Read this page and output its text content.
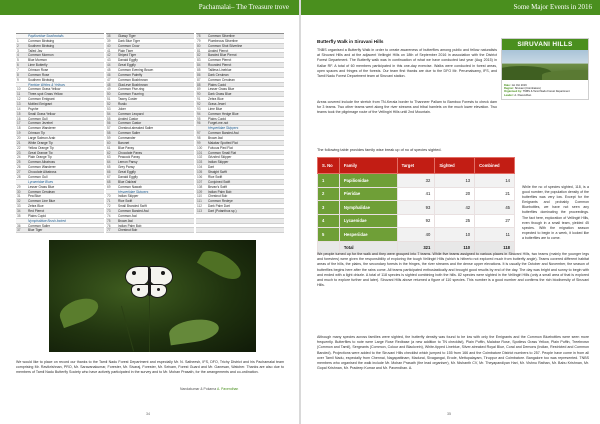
Pachamalai– The Treasure trove
Papilionidae Swallowtails
1	Common Birdwing
2	Southern Birdwing
3	Tailed Jay
4	Common Mormon
5	Blue Mormon
6	Lime Butterfly
7	Crimson Rose
8	Common Rose
9	Southern Birdwing
Pieridae Whites & Yellows
10 Common Grass Yellow
11 Three-spot Grass Yellow
12 Common Emigrant
13 Mottled Emigrant
14 Psyche
15 Small Grass Yellow
16 Common Gull
17 Common Jezebel
18 Common Wanderer
19 Crimson Tip
20 Large Salmon Arab
21 White Orange Tip
22 Yellow Orange Tip
23 Great Orange Tip
24 Plain Orange Tip
25 Common Albatross
26 Common Wanderer
27 Chocolate Albatross
28 Common Gull
Lycaenidae Blues
29 Lesser Grass Blue
30 Common Cerulean
31 Pea Blue
32 Common Line Blue
33 Zebra Blue
34 Red Pierrot
35 Plains Cupid
Nymphalidae Brush-footed
36 Common Sailer
37 Blue Tiger
38 Glassy Tiger
39 Dark Blue Tiger
40 Common Crow
41 Plain Tiger
42 Striped Tiger
43 Danaid Eggfly
44 Great Eggfly
45 Common Evening Brown
46 Common Palmfly
47 Common Bushbrown
48 Glad-eye Bushbrown
49 Common Five-ring
50 Common Fourring
51 Tawny Coster
52 Rustic
53 Joker
54 Common Leopard
55 Angled Castor
56 Common Castor
57 Chestnut-streaked Sailer
58 Common Sailer
59 Commander
60 Baronet
61 Blue Pansy
62 Chocolate Pansy
63 Peacock Pansy
64 Lemon Pansy
65 Grey Pansy
66 Great Eggfly
67 Danaid Eggfly
68 Blue Oakleaf
69 Common Nawab
Hesperiidae Skippers
70 Indian Skipper
71 Rice Swift
72 Small Branded Swift
73 Common Banded Awl
74 Common Awl
75 Brown Awl
76 Indian Palm Bob
77 Chestnut Bob
78 Common Silverline
79 Plumbeous Silverline
80 Common Shot Silverline
81 Angled Pierrot
82 Banded Blue Pierrot
83 Common Pierrot
84 Rounded Pierrot
85 Tailless Lineblue
86 Dark Cerulean
87 Common Cerulean
88 Plains Cupid
89 Lesser Grass Blue
90 Dark Grass Blue
91 Zebra Blue
92 Grass Jewel
93 Lime Blue
94 Common Hedge Blue
95 Plains Cupid
96 Forget-me-not
Hesperiidae Skippers
97 Common Banded Awl
98 Brown Awl
99 Malabar Spotted Flat
100 Fulvous Pied Flat
101 Common Small Flat
102 Grizzled Skipper
103 Indian Skipper
104 Dart
105 Straight Swift
106 Rice Swift
107 Conjoined Swift
108 Bevan's Swift
109 Indian Palm Bob
110 Chestnut Bob
111 Common Redeye
112 Dark Palm Dart
113 Dart (Potanthus sp.)

We would like to place on record our thanks to the Tamil Nadu Forest Department and especially Mr. N. Satheesh, IFS, DFO, Trichy District and his Pachamalai team comprising Mr. Ravikrishnan, PRO, Mr. Saravanakumar, Forester, Mr. Sivaraj, Forester, Mr. Selvam, Forest Guard and Mr. Ganesan, Watcher. Thanks are also due to members of Tamil Nadu Butterfly Society who have actively participated in the survey and to Mr. Mohan Prasath, for the arrangements and co-ordination.

Nandakumar & Pokarna A. Pavendhan
34
Some Major Events in 2016
Butterfly Walk in Siruvani Hills	SIRUVANI HILLS
Date: 1st Oct 2016
Region: Siruvani (Coimbatore)
Organised by: TNBS & Tamil Nadu Forest Department
Leader: A. Pavendhan

TNBS organised a Butterfly Walk in order to create awareness of butterflies among public and fellow naturalists at Siruvani Hills and at the adjacent Vellingiri Hills on 18th of September 2016 in association with the District Forest Department. The Butterfly walk was in continuation of what we have conducted last year (Aug 2015) in Kallar RF. A total of 60 members participated in this one-day exercise. Walks were conducted in forest areas, open spaces and fringes of the forests. Our team first thanks are due to the DFO Mr. Perumalsamy, IFS, and Tamil Nadu Forest Department team at Siruvani station.

Areas covered include the stretch from TN-Kerala border to Thanneer Pallam to Bamboo Forests to check dam for 3 teams. Two other teams went along the river streams and tribal hamlets on the much lower elevation. Two teams took the pilgrimage route of the Vellingiri Hills until 2nd Mountain.

The following table provides family wise break up of no of species sighted.
S. No	Family	Target	Sighted	Combined
1	Papilionidae	32	13	14
2	Pieridae	41	20	21
3	Nymphalidae	93	42	45
4	Lycaenidae	92	25	27
5	Hesperiidae	40	10	11
	Total	321	110	118

While the no of species sighted, 118, is a good number, the population density of the butterflies was very low. Except for the Emigrants and probably Common Bluebottles, we have not seen any butterflies dominating the proceedings. The fact here, exploration of Vellingiri Hills, even though in a small team, yielded 45 species. With the migration season expected to begin in a week, it looked like a butterflies are to come.

We people turned up for the walk and they were grouped into 7 teams. While five teams assigned to various places in Siruvani Hills, two teams (mainly the younger legs and foresters) were given the responsibility of exploring the tough Vellingiri Hills (which is hitherto not explored much from butterfly angle). Teams covered different habitat areas of the hills, the plains, the secondary forests in the fringes, the river streams and the dense upper elevations. It is usually the October and November, the season of butterflies begins here after the rains come. All teams participated enthusiastically and brought good results by end of the day. The day was bright and sunny to begin with and ended with a light drizzle. A total of 118 species is sighted combining both the hills. 82 species were sighted in the Vellingiri Hills (only a small area of that is explored and much to explore further and later). Siruvani Hills above returned a figure of 110 species. This number is a good number and confirms the rich biodiversity of Siruvani Hills.

Although many species across families were sighted, the butterfly density was found to be low with only the Emigrants and the Common Bluebottles were seen more frequently. Butterflies to note were Large Rose Redbase (a new addition to TN checklist), Plain Puffin, Malabar Rose, Spotless Grass Yellow, Plain Puffin, Treebrown (Common and Tamil), Sergeants (Common, Colour and Blackvein), White-tipped Lineblue, Silver-streaked Royal Blue, Coral and Demons (Indian, Restricted and Common Banded). Projections were added to the Siruvani Hills checklist which jumped to 155 from 166 and the Coimbatore District numbers to 257. People have come in from all over Tamil Nadu, especially from Chennai, Nagapattinam, Madurai, Sivagangai, Erode, Mettupalayam, Tiruppur and Coimbatore. Bangalore too was represented. TNBS members who organised the walk include Mr. Mohan Prasath (the lead organiser), Mr. Nishanth CV, Mr. Theyapandiyan Hari, Mr. Vishnu Rathan, Mr. Babu Krishnan, Mr. Gopal Krishnan, Mr. Pradeep Kumar and Mr. Pavendhan. A.

35
